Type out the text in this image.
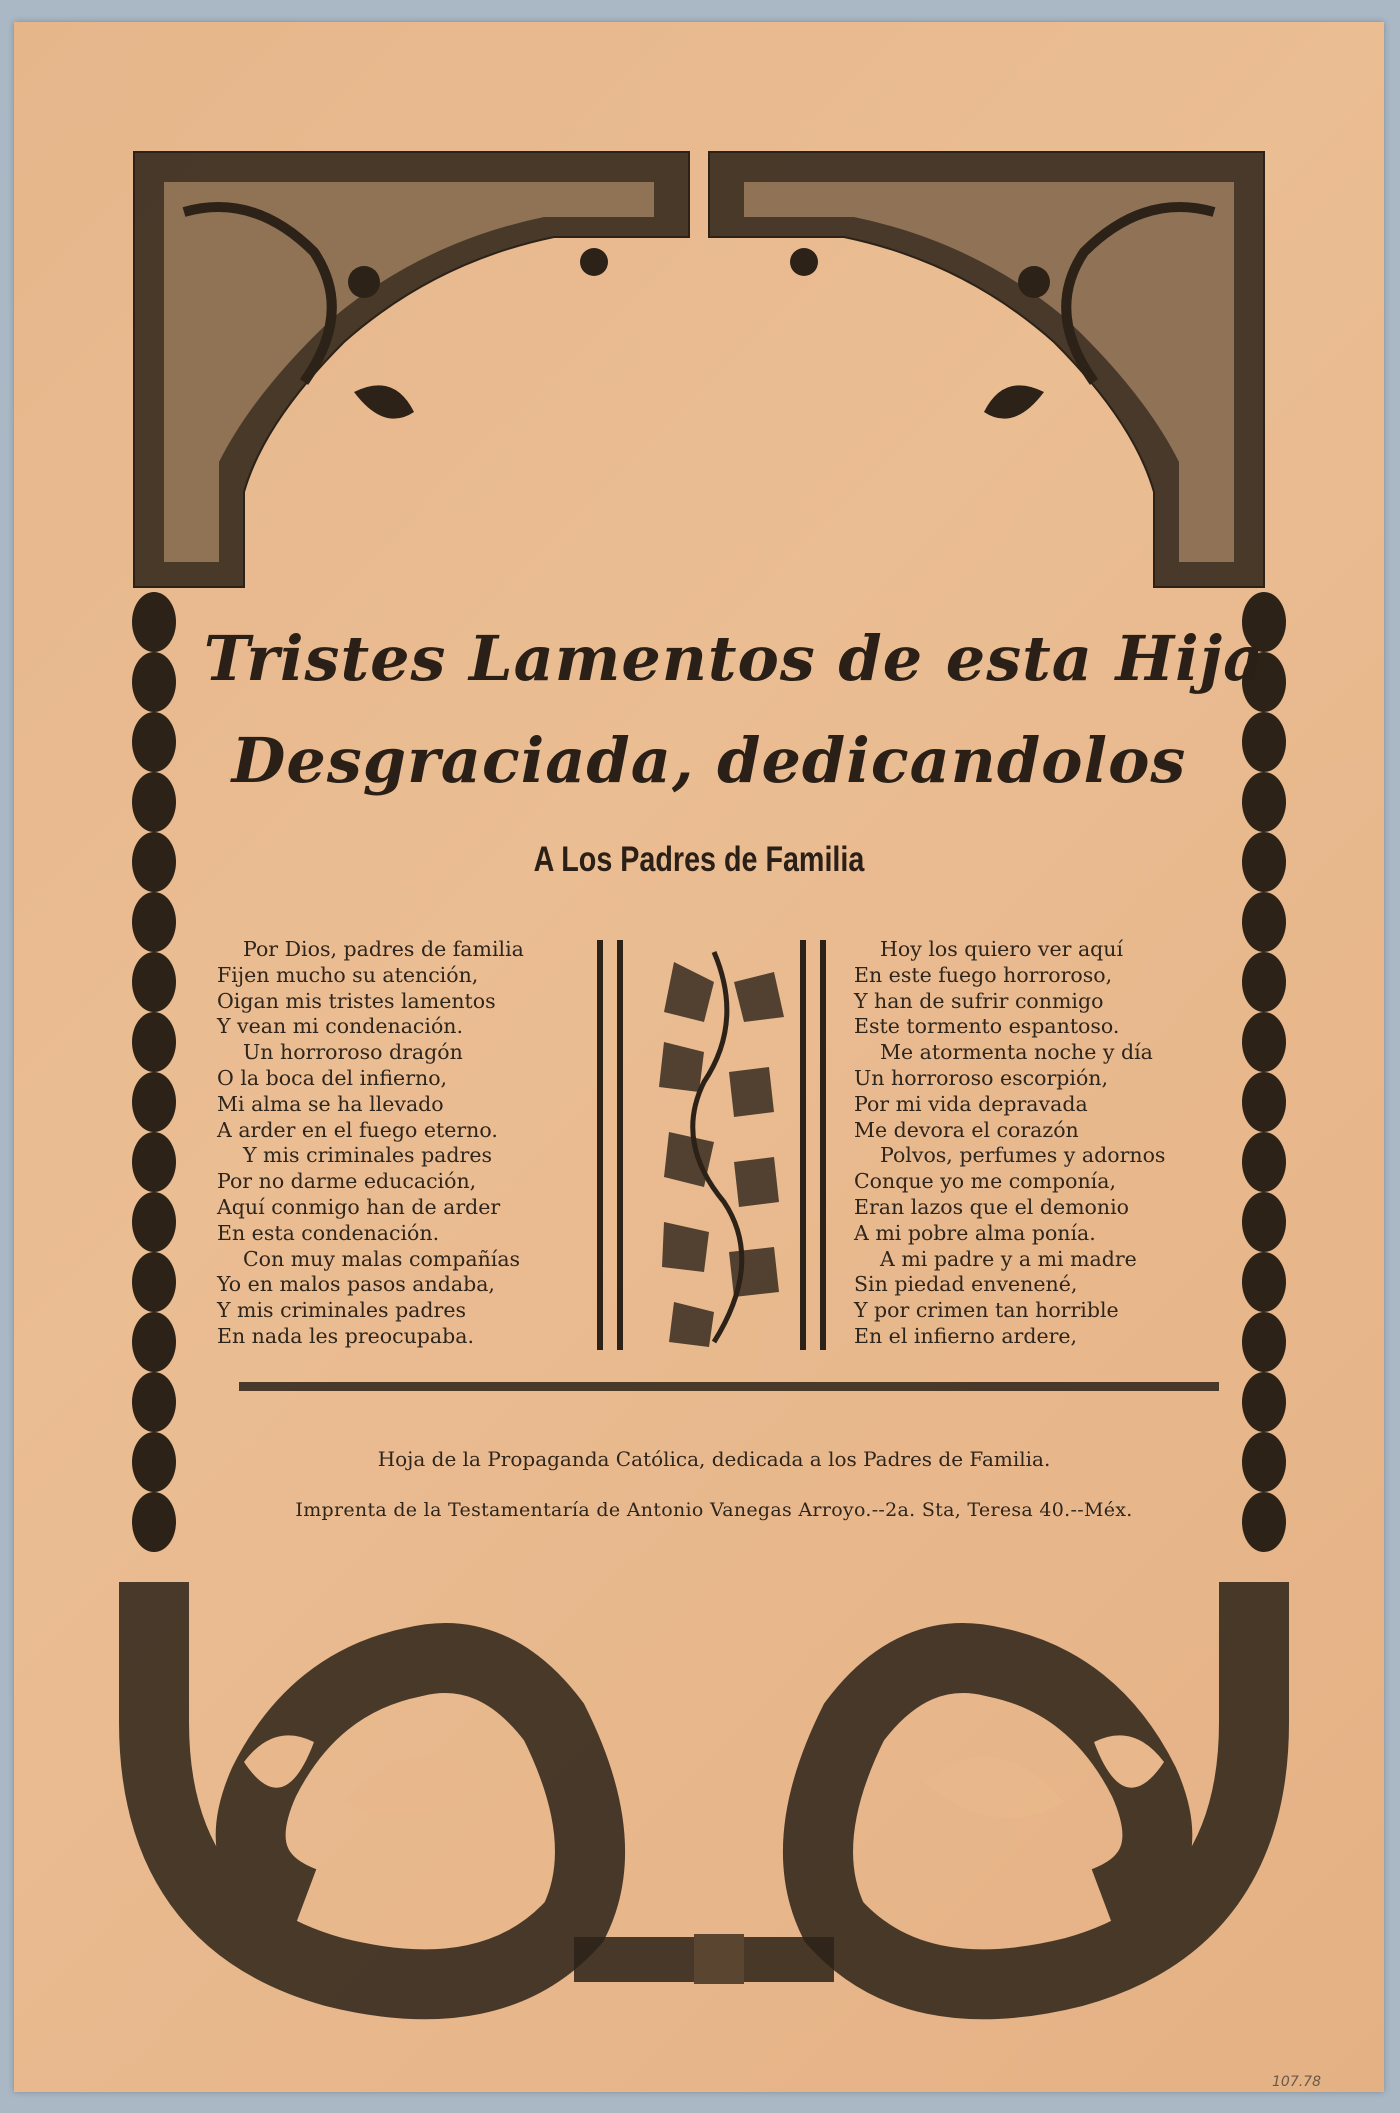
Tristes Lamentos de esta Hija
Desgraciada, dedicandolos
A Los Padres de Familia
Por Dios, padres de familia
Fijen mucho su atención,
Oigan mis tristes lamentos
Y vean mi condenación.
Un horroroso dragón
O la boca del infierno,
Mi alma se ha llevado
A arder en el fuego eterno.
Y mis criminales padres
Por no darme educación,
Aquí conmigo han de arder
En esta condenación.
Con muy malas compañías
Yo en malos pasos andaba,
Y mis criminales padres
En nada les preocupaba.
Hoy los quiero ver aquí
En este fuego horroroso,
Y han de sufrir conmigo
Este tormento espantoso.
Me atormenta noche y día
Un horroroso escorpión,
Por mi vida depravada
Me devora el corazón
Polvos, perfumes y adornos
Conque yo me componía,
Eran lazos que el demonio
A mi pobre alma ponía.
A mi padre y a mi madre
Sin piedad envenené,
Y por crimen tan horrible
En el infierno ardere,
Hoja de la Propaganda Católica, dedicada a los Padres de Familia.
Imprenta de la Testamentaría de Antonio Vanegas Arroyo.--2a. Sta, Teresa 40.--Méx.
107.78
